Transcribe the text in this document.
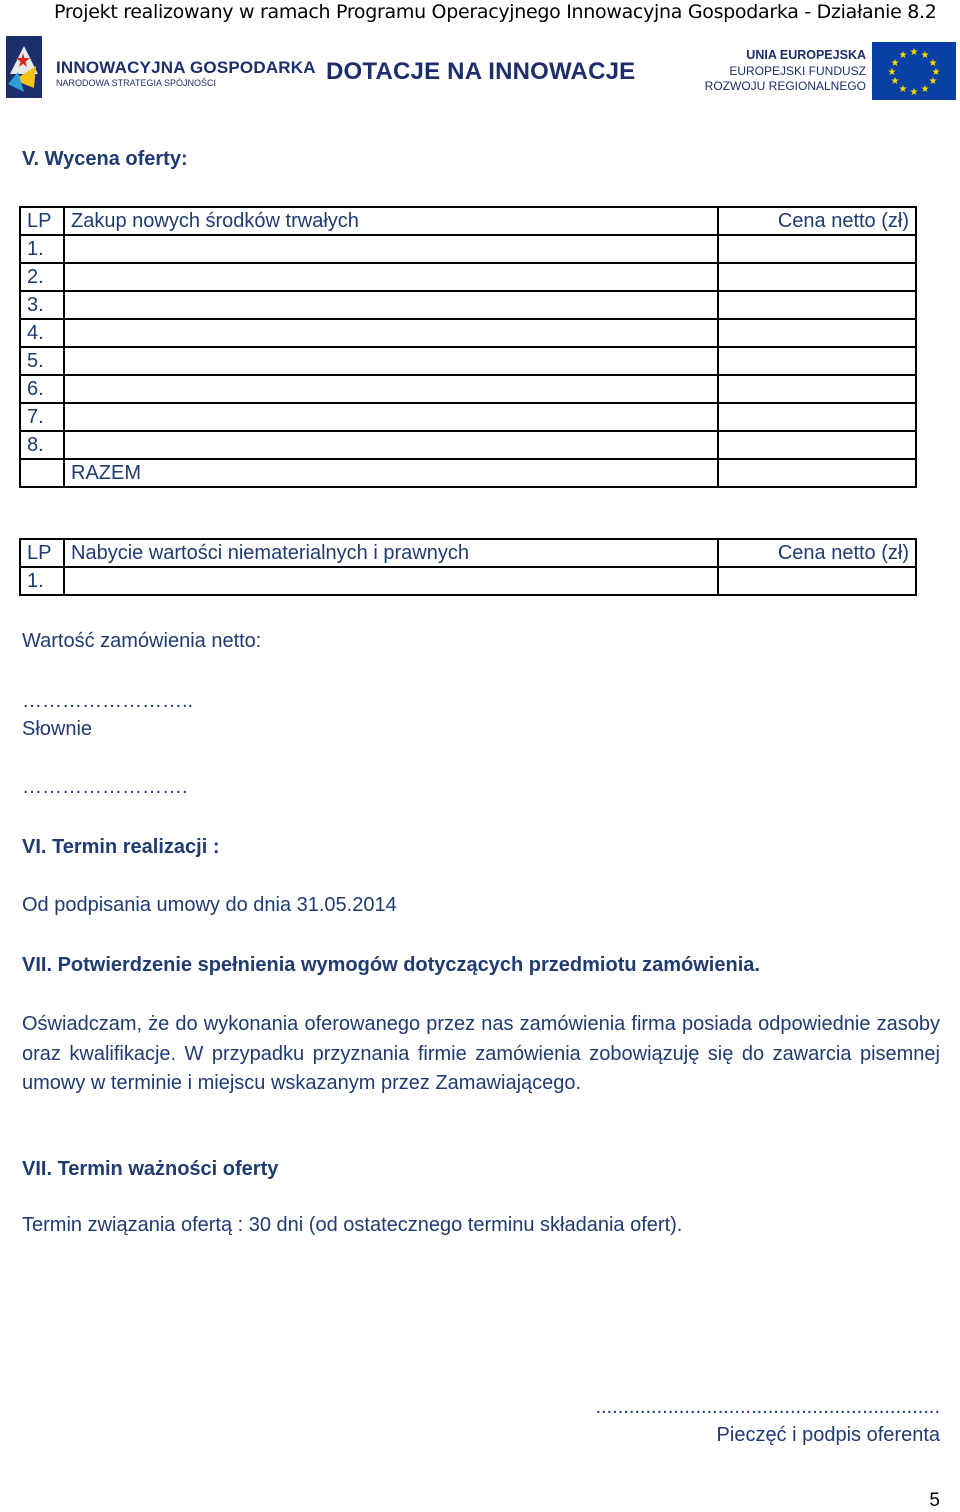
Projekt realizowany w ramach Programu Operacyjnego Innowacyjna Gospodarka - Działanie 8.2
INNOWACYJNA GOSPODARKA
NARODOWA STRATEGIA SPÓJNOŚCI	DOTACJE NA INNOWACJE
UNIA EUROPEJSKA
EUROPEJSKI FUNDUSZ
ROZWOJU REGIONALNEGO
★ ★
★
★
★
★
★
★
★
★
★
★
V. Wycena oferty:
LP	Zakup nowych środków trwałych	Cena netto (zł)
1.		
2.		
3.		
4.		
5.		
6.		
7.		
8.		
	RAZEM	
LP	Nabycie wartości niematerialnych i prawnych	Cena netto (zł)
1.		
Wartość zamówienia netto:
……………………..
Słownie
…………………….
VI. Termin realizacji :
Od podpisania umowy do dnia 31.05.2014
VII. Potwierdzenie spełnienia wymogów dotyczących przedmiotu zamówienia.
Oświadczam, że do wykonania oferowanego przez nas zamówienia firma posiada odpowiednie zasoby oraz kwalifikacje. W przypadku przyznania firmie zamówienia zobowiązuję się do zawarcia pisemnej umowy w terminie i miejscu wskazanym przez Zamawiającego.
VII. Termin ważności oferty
Termin związania ofertą : 30 dni (od ostatecznego terminu składania ofert).
..............................................................
Pieczęć i podpis oferenta
5
